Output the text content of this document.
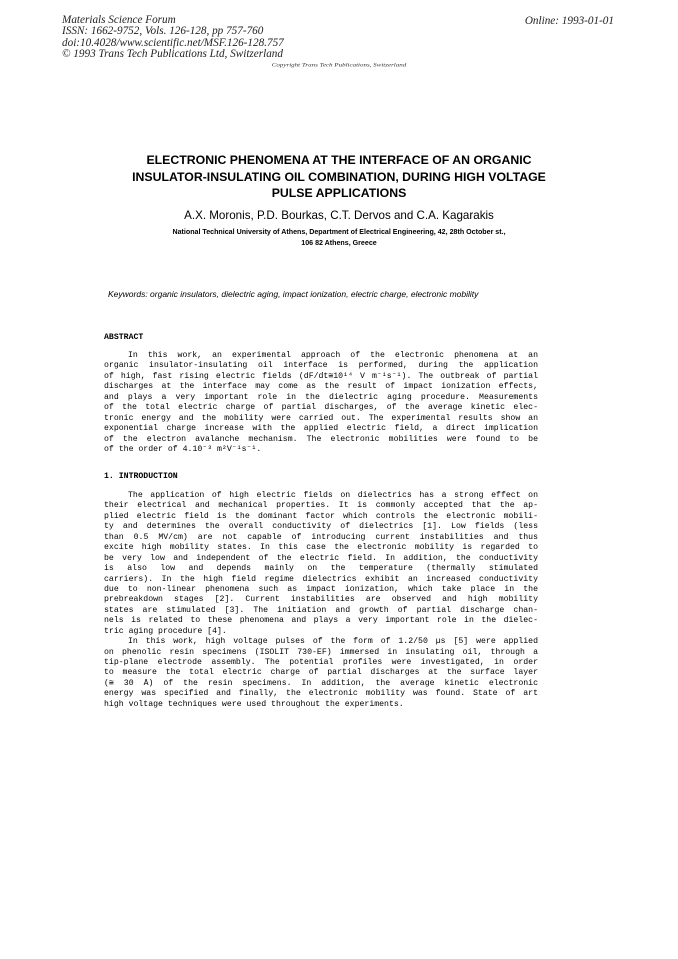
Materials Science Forum
ISSN: 1662-9752, Vols. 126-128, pp 757-760
doi:10.4028/www.scientific.net/MSF.126-128.757
© 1993 Trans Tech Publications Ltd, Switzerland
Online: 1993-01-01
Copyright Trans Tech Publications, Switzerland
ELECTRONIC PHENOMENA AT THE INTERFACE OF AN ORGANIC
INSULATOR-INSULATING OIL COMBINATION, DURING HIGH VOLTAGE
PULSE APPLICATIONS
A.X. Moronis, P.D. Bourkas, C.T. Dervos and C.A. Kagarakis
National Technical University of Athens, Department of Electrical Engineering, 42, 28th October st.,
106 82 Athens, Greece
Keywords: organic insulators, dielectric aging, impact ionization, electric charge, electronic mobility
ABSTRACT
In this work, an experimental approach of the electronic phenomena at an
organic insulator-insulating oil interface is performed, during the application
of high, fast rising electric fields (dF/dt≅10¹⁴ V m⁻¹s⁻¹). The outbreak of partial
discharges at the interface may come as the result of impact ionization effects,
and plays a very important role in the dielectric aging procedure. Measurements
of the total electric charge of partial discharges, of the average kinetic elec-
tronic energy and the mobility were carried out. The experimental results show an
exponential charge increase with the applied electric field, a direct implication
of the electron avalanche mechanism. The electronic mobilities were found to be
of the order of 4.10⁻³ m²V⁻¹s⁻¹.
1. INTRODUCTION
The application of high electric fields on dielectrics has a strong effect on
their electrical and mechanical properties. It is commonly accepted that the ap-
plied electric field is the dominant factor which controls the electronic mobili-
ty and determines the overall conductivity of dielectrics [1]. Low fields (less
than 0.5 MV/cm) are not capable of introducing current instabilities and thus
excite high mobility states. In this case the electronic mobility is regarded to
be very low and independent of the electric field. In addition, the conductivity
is also low and depends mainly on the temperature (thermally stimulated
carriers). In the high field regime dielectrics exhibit an increased conductivity
due to non-linear phenomena such as impact ionization, which take place in the
prebreakdown stages [2]. Current instabilities are observed and high mobility
states are stimulated [3]. The initiation and growth of partial discharge chan-
nels is related to these phenomena and plays a very important role in the dielec-
tric aging procedure [4].
In this work, high voltage pulses of the form of 1.2/50 µs [5] were applied
on phenolic resin specimens (ISOLIT 730-EF) immersed in insulating oil, through a
tip-plane electrode assembly. The potential profiles were investigated, in order
to measure the total electric charge of partial discharges at the surface layer
(≅ 30 Å) of the resin specimens. In addition, the average kinetic electronic
energy was specified and finally, the electronic mobility was found. State of art
high voltage techniques were used throughout the experiments.
